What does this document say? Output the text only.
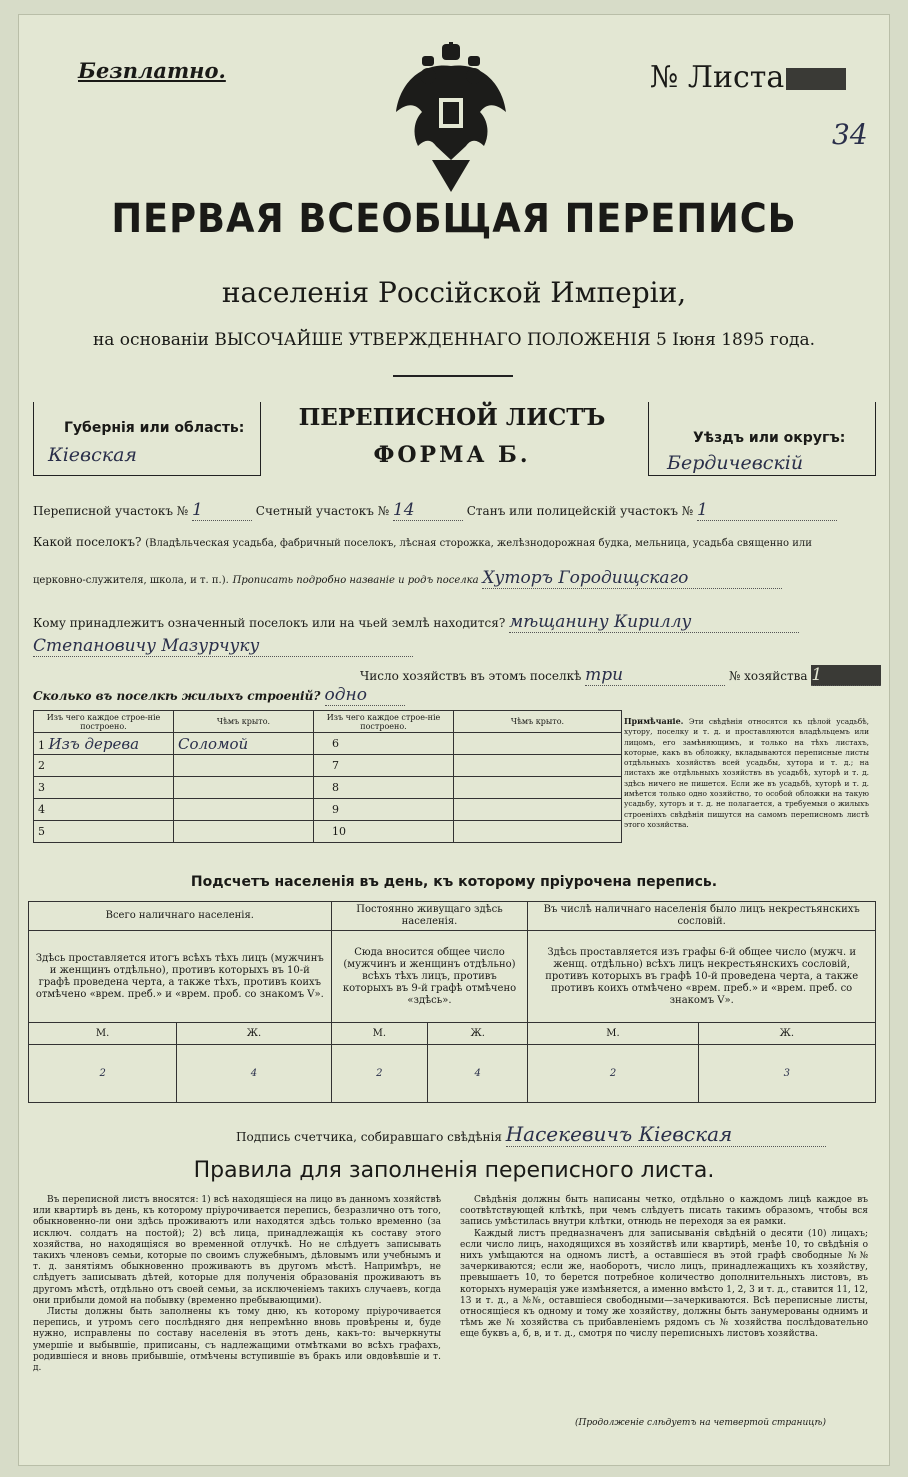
Безплатно.	№ Листа
34
ПЕРВАЯ ВСЕОБЩАЯ ПЕРЕПИСЬ
населенія Россійской Имперіи,
на основаніи ВЫСОЧАЙШЕ УТВЕРЖДЕННАГО ПОЛОЖЕНІЯ 5 Іюня 1895 года.
Губернія или область:
Кіевская
ПЕРЕПИСНОЙ ЛИСТЪ
ФОРМА Б.
Уѣздъ или округъ:
Бердичевскій
Переписной участокъ № 1	Счетный участокъ № 14	Станъ или полицейскій участокъ № 1
Какой поселокъ? (Владѣльческая усадьба, фабричный поселокъ, лѣсная сторожка, желѣзнодорожная будка, мельница, усадьба священно или
церковно-служителя, школа, и т. п.). Прописать подробно названіе и родъ поселка Хуторъ Городищскаго
Кому принадлежитъ означенный поселокъ или на чьей землѣ находится? мѣщанину Кириллу
Степановичу Мазурчуку
Число хозяйствъ въ этомъ поселкѣ три	№ хозяйства 1
Сколько въ поселкѣ жилыхъ строеній? одно
Изъ чего каждое строе-ніе построено.	Чѣмъ крыто.	Изъ чего каждое строе-ніе построено.	Чѣмъ крыто.
1 Изъ дерева	Соломой	6	
2		7	
3		8	
4		9	
5		10	
Примѣчаніе. Эти свѣдѣнія относятся къ цѣлой усадьбѣ, хутору, поселку и т. д. и проставляются владѣльцемъ или лицомъ, его замѣняющимъ, и только на тѣхъ листахъ, которые, какъ въ обложку, вкладываются переписные листы отдѣльныхъ хозяйствъ всей усадьбы, хутора и т. д.; на листахъ же отдѣльныхъ хозяйствъ въ усадьбѣ, хуторѣ и т. д. здѣсь ничего не пишется. Если же въ усадьбѣ, хуторѣ и т. д. имѣется только одно хозяйство, то особой обложки на такую усадьбу, хуторъ и т. д. не полагается, а требуемыя о жилыхъ строеніяхъ свѣдѣнія пишутся на самомъ переписномъ листѣ этого хозяйства.
Подсчетъ населенія въ день, къ которому пріурочена перепись.
Всего наличнаго населенія.		Постоянно живущаго здѣсь населенія.		Въ числѣ наличнаго населенія было лицъ некрестьянскихъ сословій.	
Здѣсь проставляется итогъ всѣхъ тѣхъ лицъ (мужчинъ и женщинъ отдѣльно), противъ которыхъ въ 10-й графѣ проведена черта, а также тѣхъ, противъ коихъ отмѣчено «врем. преб.» и «врем. проб. со знакомъ V».		Сюда вносится общее число (мужчинъ и женщинъ отдѣльно) всѣхъ тѣхъ лицъ, противъ которыхъ въ 9-й графѣ отмѣчено «здѣсь».		Здѣсь проставляется изъ графы 6-й общее число (мужч. и женщ. отдѣльно) всѣхъ лицъ некрестьянскихъ сословій, противъ которыхъ въ графѣ 10-й проведена черта, а также противъ коихъ отмѣчено «врем. преб.» и «врем. преб. со знакомъ V».	
М.	Ж.	М.	Ж.	М.	Ж.
2	4	2	4	2	3
Подпись счетчика, собиравшаго свѣдѣнія Насекевичъ Кіевская
Правила для заполненія переписного листа.

Въ переписной листъ вносятся: 1) всѣ находящіеся на лицо въ данномъ хозяйствѣ или квартирѣ въ день, къ которому пріурочивается перепись, безразлично отъ того, обыкновенно-ли они здѣсь проживаютъ или находятся здѣсь только временно (за исключ. солдатъ на постой); 2) всѣ лица, принадлежащія къ составу этого хозяйства, но находящіяся во временной отлучкѣ. Но не слѣдуетъ записывать такихъ членовъ семьи, которые по своимъ служебнымъ, дѣловымъ или учебнымъ и т. д. занятіямъ обыкновенно проживаютъ въ другомъ мѣстѣ. Напримѣръ, не слѣдуетъ записывать дѣтей, которые для полученія образованія проживаютъ въ другомъ мѣстѣ, отдѣльно отъ своей семьи, за исключеніемъ такихъ случаевъ, когда они прибыли домой на побывку (временно пребывающими).

Листы должны быть заполнены къ тому дню, къ которому пріурочивается перепись, и утромъ сего послѣдняго дня непремѣнно вновь провѣрены и, буде нужно, исправлены по составу населенія въ этотъ день, какъ-то: вычеркнуты умершіе и выбывшіе, приписаны, съ надлежащими отмѣтками во всѣхъ графахъ, родившіеся и вновь прибывшіе, отмѣчены вступившіе въ бракъ или овдовѣвшіе и т. д.

Свѣдѣнія должны быть написаны четко, отдѣльно о каждомъ лицѣ каждое въ соотвѣтствующей клѣткѣ, при чемъ слѣдуетъ писать такимъ образомъ, чтобы вся запись умѣстилась внутри клѣтки, отнюдь не переходя за ея рамки.

Каждый листъ предназначенъ для записыванія свѣдѣній о десяти (10) лицахъ; если число лицъ, находящихся въ хозяйствѣ или квартирѣ, менѣе 10, то свѣдѣнія о нихъ умѣщаются на одномъ листѣ, а оставшіеся въ этой графѣ свободные №№ зачеркиваются; если же, наоборотъ, число лицъ, принадлежащихъ къ хозяйству, превышаетъ 10, то берется потребное количество дополнительныхъ листовъ, въ которыхъ нумерація уже измѣняется, а именно вмѣсто 1, 2, 3 и т. д., ставится 11, 12, 13 и т. д., а №№, оставшіеся свободными—зачеркиваются. Всѣ переписные листы, относящіеся къ одному и тому же хозяйству, должны быть занумерованы однимъ и тѣмъ же № хозяйства съ прибавленіемъ рядомъ съ № хозяйства послѣдовательно еще буквъ а, б, в, и т. д., смотря по числу переписныхъ листовъ хозяйства.

(Продолженіе слѣдуетъ на четвертой страницѣ)
